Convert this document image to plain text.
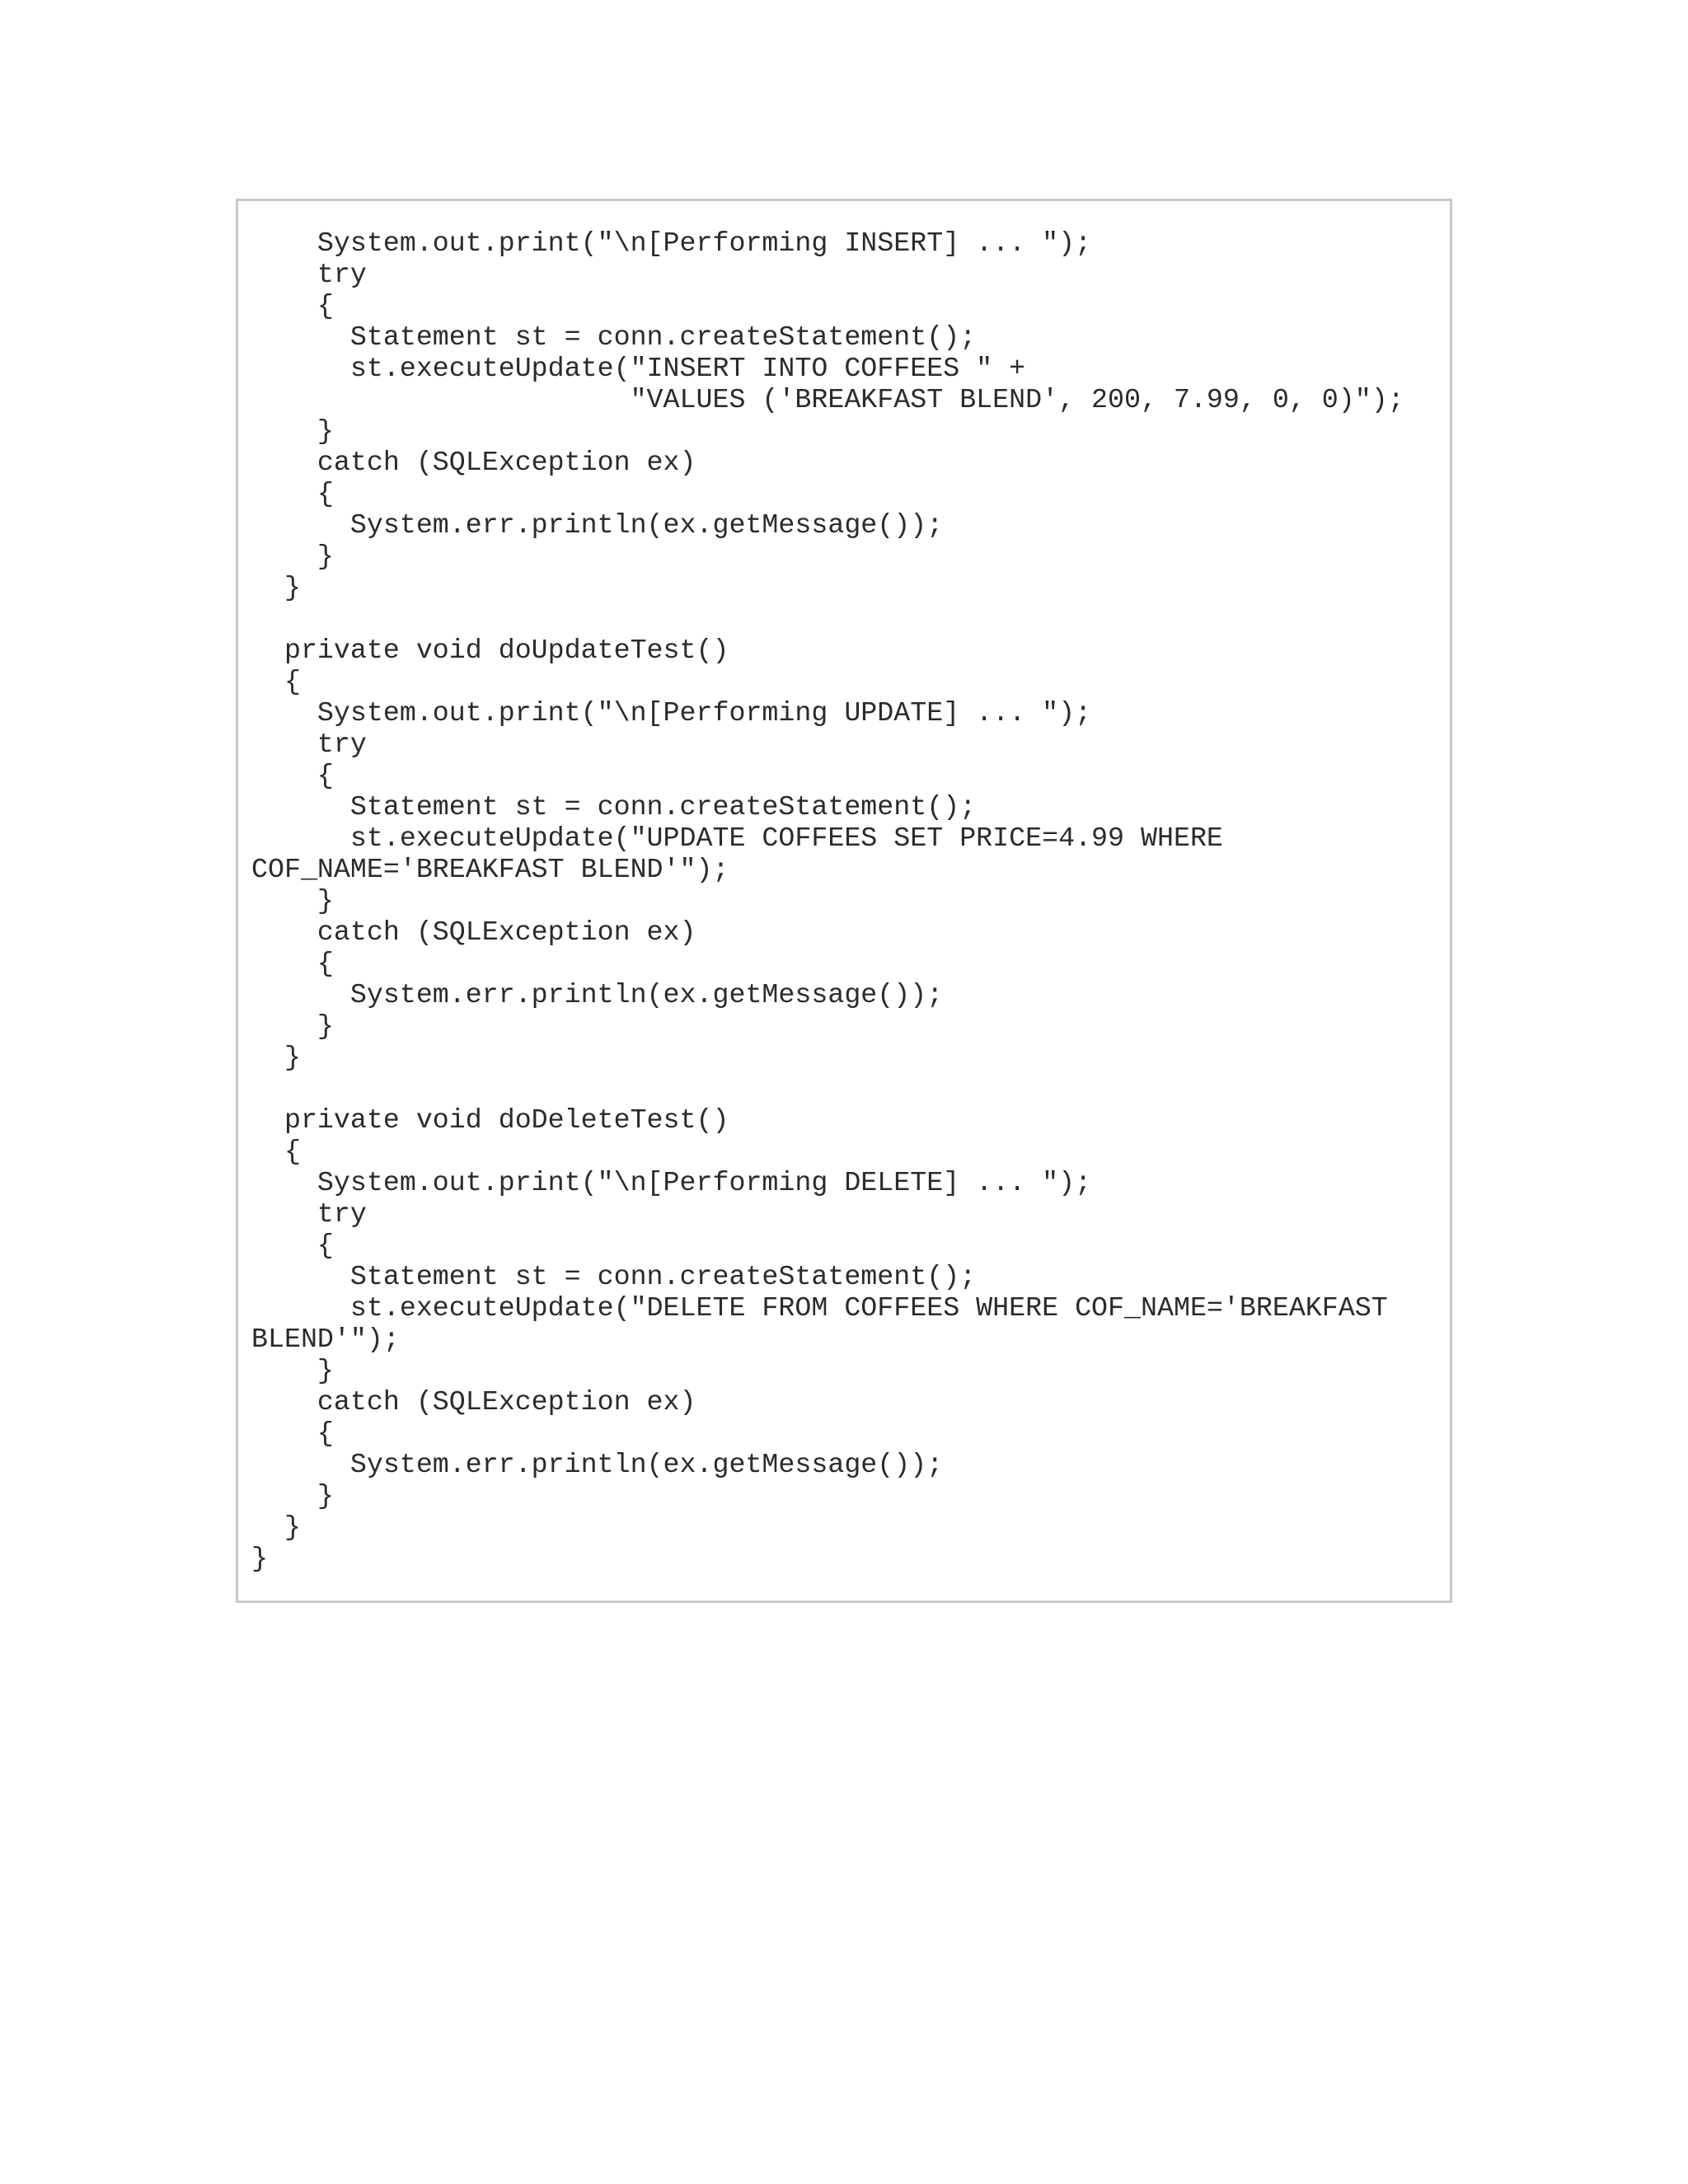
System.out.print("\n[Performing INSERT] ... ");
try
{
Statement st = conn.createStatement();
st.executeUpdate("INSERT INTO COFFEES " +
"VALUES ('BREAKFAST BLEND', 200, 7.99, 0, 0)");
}
catch (SQLException ex)
{
System.err.println(ex.getMessage());
}
}
private void doUpdateTest()
{
System.out.print("\n[Performing UPDATE] ... ");
try
{
Statement st = conn.createStatement();
st.executeUpdate("UPDATE COFFEES SET PRICE=4.99 WHERE
COF_NAME='BREAKFAST BLEND'");
}
catch (SQLException ex)
{
System.err.println(ex.getMessage());
}
}
private void doDeleteTest()
{
System.out.print("\n[Performing DELETE] ... ");
try
{
Statement st = conn.createStatement();
st.executeUpdate("DELETE FROM COFFEES WHERE COF_NAME='BREAKFAST
BLEND'");
}
catch (SQLException ex)
{
System.err.println(ex.getMessage());
}
}
}
